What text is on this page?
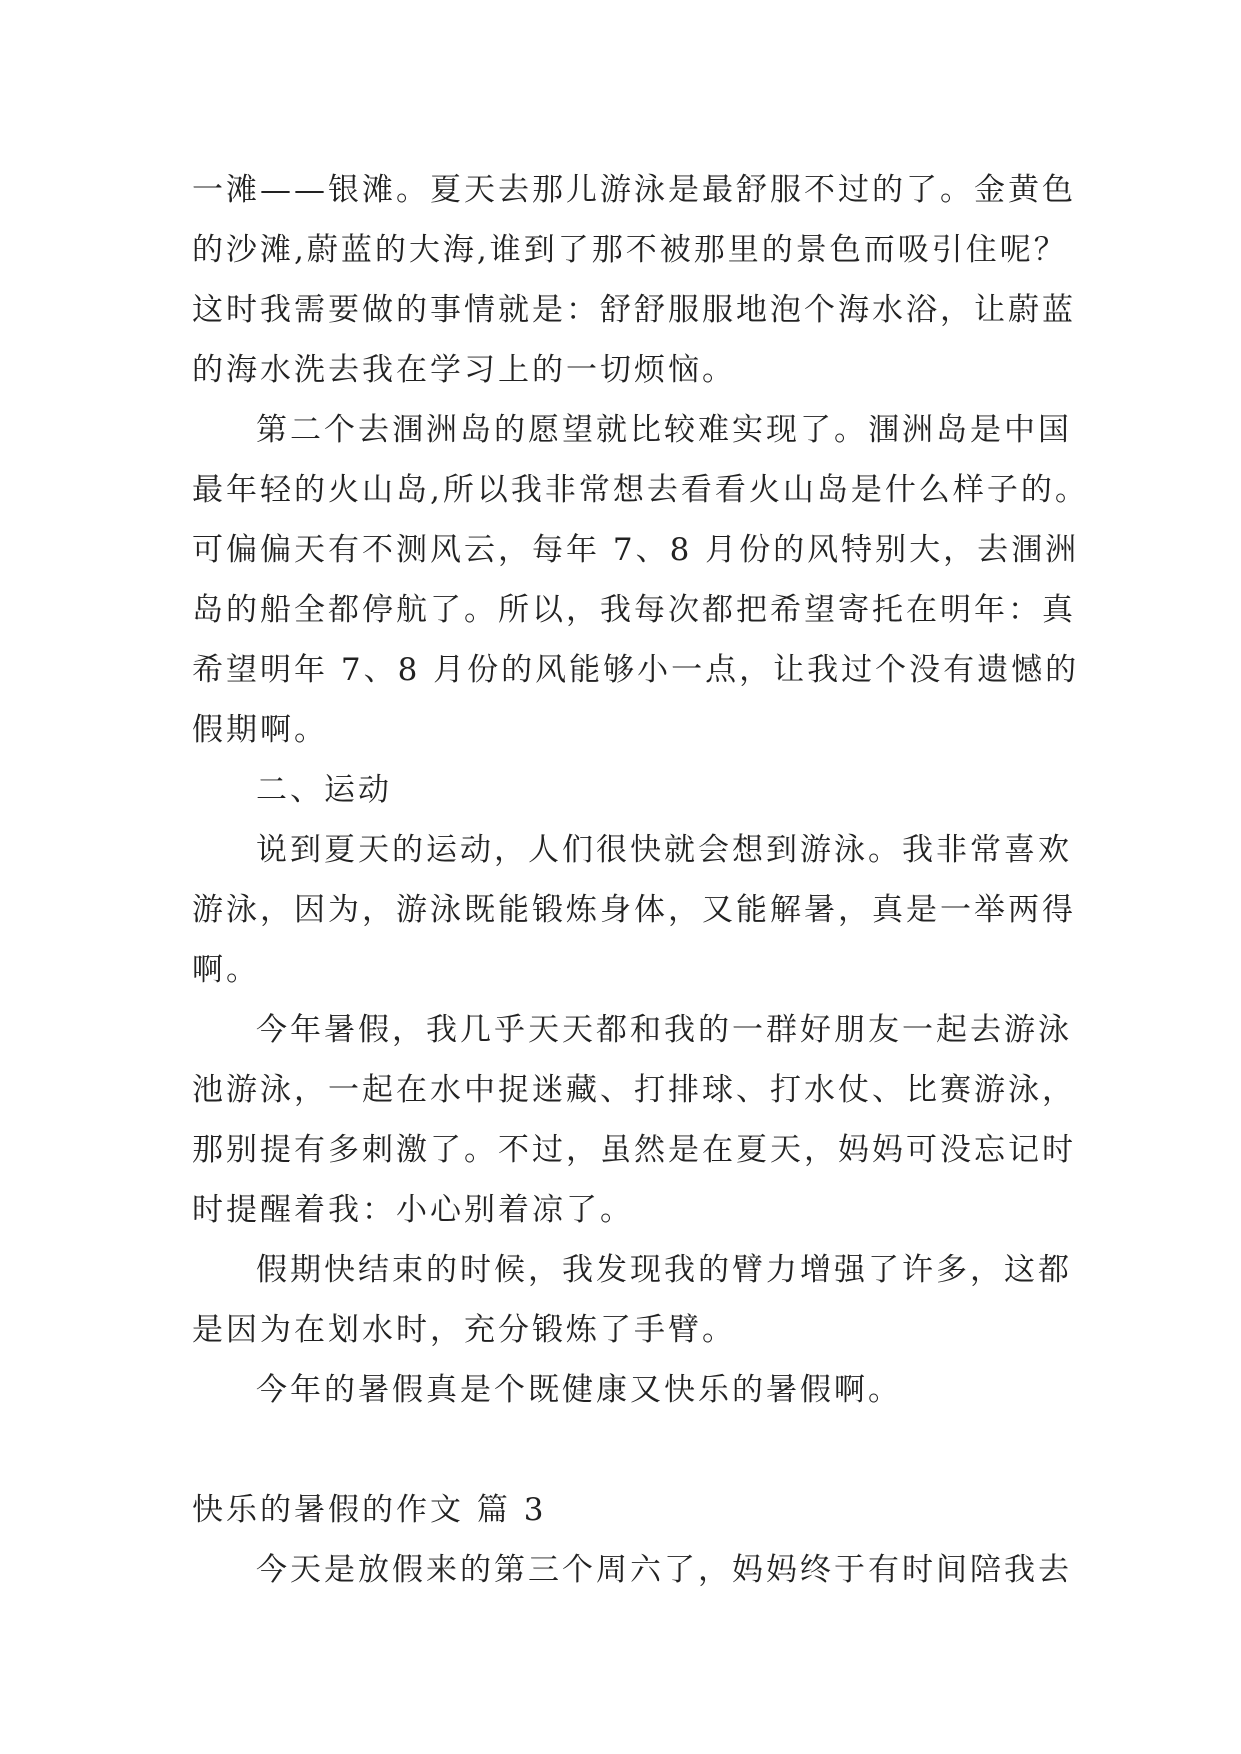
一滩——银滩。夏天去那儿游泳是最舒服不过的了。金黄色
的沙滩,蔚蓝的大海,谁到了那不被那里的景色而吸引住呢？
这时我需要做的事情就是：舒舒服服地泡个海水浴，让蔚蓝
的海水洗去我在学习上的一切烦恼。
第二个去涠洲岛的愿望就比较难实现了。涠洲岛是中国
最年轻的火山岛,所以我非常想去看看火山岛是什么样子的。
可偏偏天有不测风云，每年 7、8 月份的风特别大，去涠洲
岛的船全都停航了。所以，我每次都把希望寄托在明年：真
希望明年 7、8 月份的风能够小一点，让我过个没有遗憾的
假期啊。
二、运动
说到夏天的运动，人们很快就会想到游泳。我非常喜欢
游泳，因为，游泳既能锻炼身体，又能解暑，真是一举两得
啊。
今年暑假，我几乎天天都和我的一群好朋友一起去游泳
池游泳，一起在水中捉迷藏、打排球、打水仗、比赛游泳，
那别提有多刺激了。不过，虽然是在夏天，妈妈可没忘记时
时提醒着我：小心别着凉了。
假期快结束的时候，我发现我的臂力增强了许多，这都
是因为在划水时，充分锻炼了手臂。
今年的暑假真是个既健康又快乐的暑假啊。
快乐的暑假的作文 篇 3
今天是放假来的第三个周六了，妈妈终于有时间陪我去
